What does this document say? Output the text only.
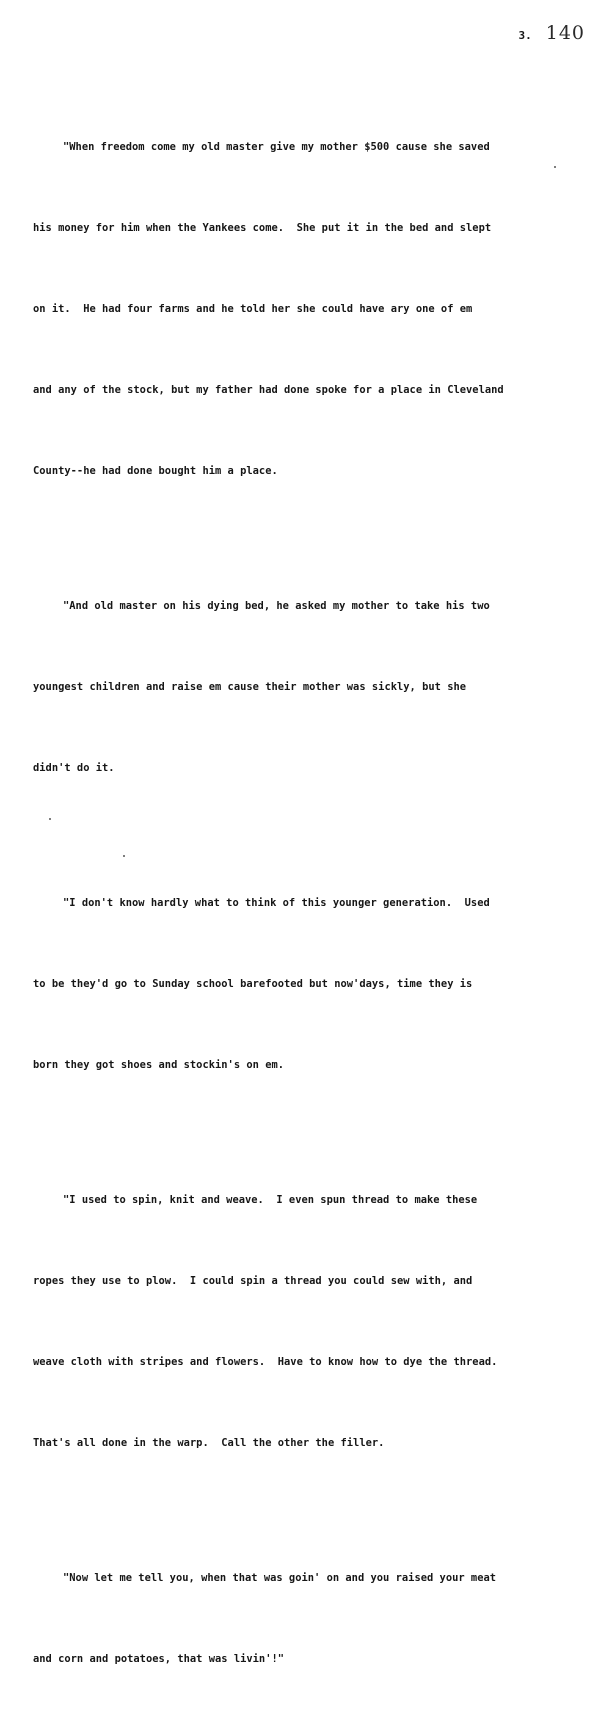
3. 140

"When freedom come my old master give my mother $500 cause she saved

his money for him when the Yankees come.  She put it in the bed and slept

on it.  He had four farms and he told her she could have ary one of em

and any of the stock, but my father had done spoke for a place in Cleveland

County--he had done bought him a place.

"And old master on his dying bed, he asked my mother to take his two

youngest children and raise em cause their mother was sickly, but she

didn't do it.

"I don't know hardly what to think of this younger generation.  Used

to be they'd go to Sunday school barefooted but now'days, time they is

born they got shoes and stockin's on em.

"I used to spin, knit and weave.  I even spun thread to make these

ropes they use to plow.  I could spin a thread you could sew with, and

weave cloth with stripes and flowers.  Have to know how to dye the thread.

That's all done in the warp.  Call the other the filler.

"Now let me tell you, when that was goin' on and you raised your meat

and corn and potatoes, that was livin'!"
